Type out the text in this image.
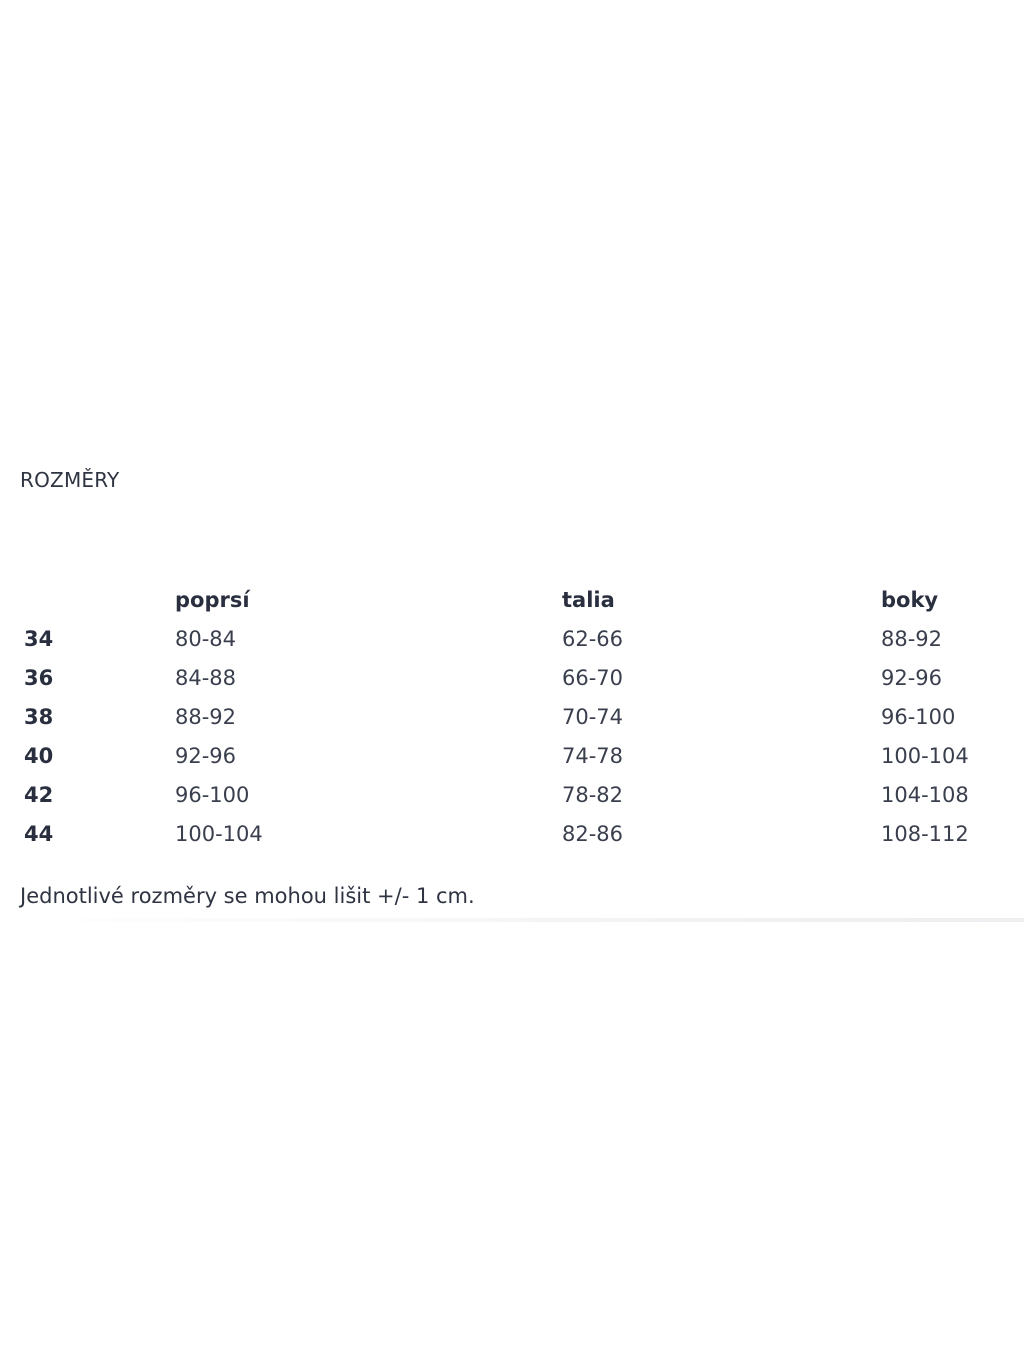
ROZMĚRY
	poprsí	talia	boky
34	80-84	62-66	88-92
36	84-88	66-70	92-96
38	88-92	70-74	96-100
40	92-96	74-78	100-104
42	96-100	78-82	104-108
44	100-104	82-86	108-112
Jednotlivé rozměry se mohou lišit +/- 1 cm.
